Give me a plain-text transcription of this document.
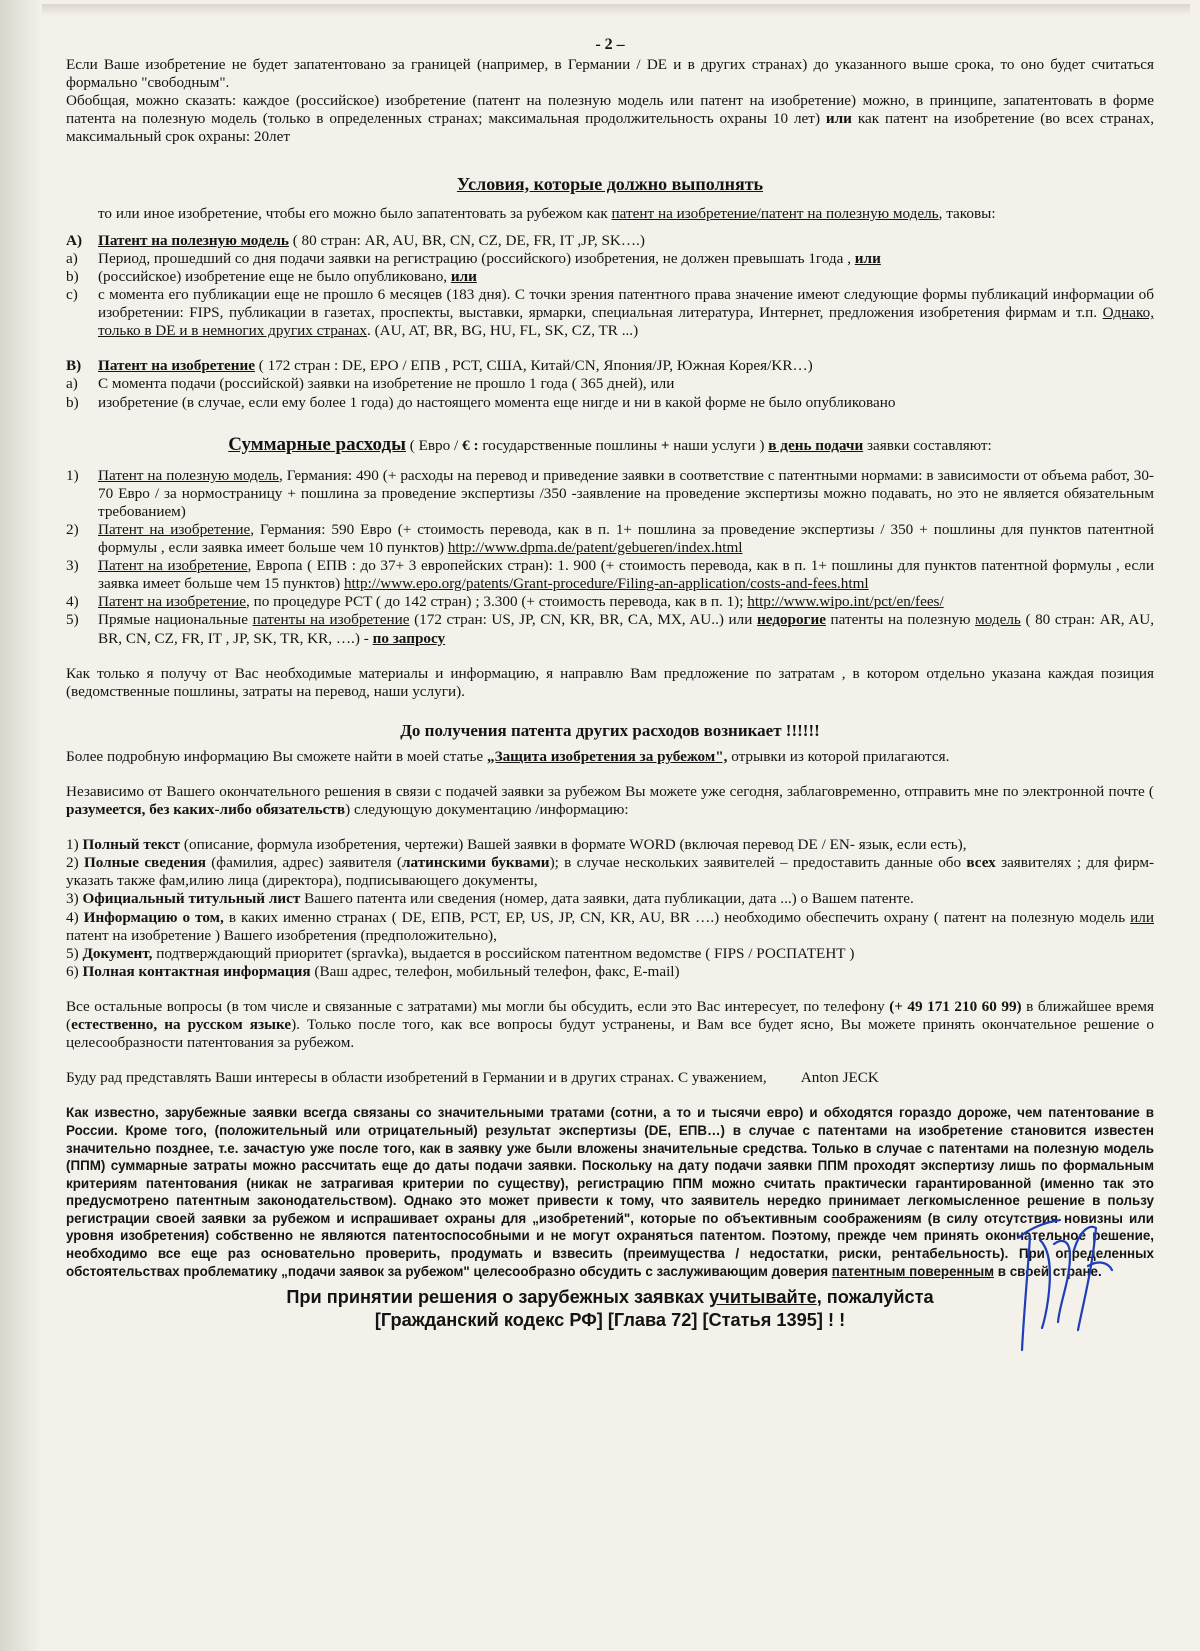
- 2 –

Если Ваше изобретение не будет запатентовано за границей (например, в Германии / DE и в других странах) до указанного выше срока, то оно будет считаться формально "свободным".

Обобщая, можно сказать: каждое (российское) изобретение (патент на полезную модель или патент на изобретение) можно, в принципе, запатентовать в форме патента на полезную модель (только в определенных странах; максимальная продолжительность охраны 10 лет) или как патент на изобретение (во всех странах, максимальный срок охраны: 20лет

Условия, которые должно выполнять

то или иное изобретение, чтобы его можно было запатентовать за рубежом как патент на изобретение/патент на полезную модель, таковы:

А)	Патент на полезную модель ( 80 стран: AR, AU, BR, CN, CZ, DE, FR, IT ,JP, SK….)
a)	Период, прошедший со дня подачи заявки на регистрацию (российского) изобретения, не должен превышать 1года , или
b)	(российское) изобретение еще не было опубликовано, или
c)	с момента его публикации еще не прошло 6 месяцев (183 дня). С точки зрения патентного права значение имеют следующие формы публикаций информации об изобретении: FIPS, публикации в газетах, проспекты, выставки, ярмарки, специальная литература, Интернет, предложения изобретения фирмам и т.п. Однако, только в DE и в немногих других странах. (AU, AT, BR, BG, HU, FL, SK, CZ, TR ...)
B)	Патент на изобретение ( 172 стран : DE, EPO / ЕПВ , PCT, США, Китай/CN, Япония/JP, Южная Корея/KR…)
a)	С момента подачи (российской) заявки на изобретение не прошло 1 года ( 365 дней), или
b)	изобретение (в случае, если ему более 1 года) до настоящего момента еще нигде и ни в какой форме не было опубликовано

Суммарные расходы ( Евро / € : государственные пошлины + наши услуги ) в день подачи заявки составляют:

1)	Патент на полезную модель, Германия: 490 (+ расходы на перевод и приведение заявки в соответствие с патентными нормами: в зависимости от объема работ, 30-70 Евро / за нормостраницу + пошлина за проведение экспертизы /350 -заявление на проведение экспертизы можно подавать, но это не является обязательным требованием)
2)	Патент на изобретение, Германия: 590 Евро (+ стоимость перевода, как в п. 1+ пошлина за проведение экспертизы / 350 + пошлины для пунктов патентной формулы , если заявка имеет больше чем 10 пунктов) http://www.dpma.de/patent/gebueren/index.html
3)	Патент на изобретение, Европа ( ЕПВ : до 37+ 3 европейских стран): 1. 900 (+ стоимость перевода, как в п. 1+ пошлины для пунктов патентной формулы , если заявка имеет больше чем 15 пунктов) http://www.epo.org/patents/Grant-procedure/Filing-an-application/costs-and-fees.html
4)	Патент на изобретение, по процедуре PCT ( до 142 стран) ; 3.300 (+ стоимость перевода, как в п. 1); http://www.wipo.int/pct/en/fees/
5)	Прямые национальные патенты на изобретение (172 стран: US, JP, CN, KR, BR, CA, MX, AU..) или недорогие патенты на полезную модель ( 80 стран: AR, AU, BR, CN, CZ, FR, IT , JP, SK, TR, KR, ….) - по запросу

Как только я получу от Вас необходимые материалы и информацию, я направлю Вам предложение по затратам , в котором отдельно указана каждая позиция (ведомственные пошлины, затраты на перевод, наши услуги).

До получения патента других расходов возникает !!!!!!

Более подробную информацию Вы сможете найти в моей статье „Защита изобретения за рубежом", отрывки из которой прилагаются.

Независимо от Вашего окончательного решения в связи с подачей заявки за рубежом Вы можете уже сегодня, заблаговременно, отправить мне по электронной почте ( разумеется, без каких-либо обязательств) следующую документацию /информацию:

1) Полный текст (описание, формула изобретения, чертежи) Вашей заявки в формате WORD (включая перевод DE / EN- язык, если есть),

2) Полные сведения (фамилия, адрес) заявителя (латинскими буквами); в случае нескольких заявителей – предоставить данные обо всех заявителях ; для фирм- указать также фам,илию лица (директора), подписывающего документы,

3) Официальный титульный лист Вашего патента или сведения (номер, дата заявки, дата публикации, дата ...) о Вашем патенте.

4) Информацию о том, в каких именно странах ( DE, ЕПВ, PCT, EP, US, JP, CN, KR, AU, BR ….) необходимо обеспечить охрану ( патент на полезную модель или патент на изобретение ) Вашего изобретения (предположительно),

5) Документ, подтверждающий приоритет (spravka), выдается в российском патентном ведомстве ( FIPS / РОСПАТЕНТ )

6) Полная контактная информация (Ваш адрес, телефон, мобильный телефон, факс, E-mail)

Все остальные вопросы (в том числе и связанные с затратами) мы могли бы обсудить, если это Вас интересует, по телефону (+ 49 171 210 60 99) в ближайшее время (естественно, на русском языке). Только после того, как все вопросы будут устранены, и Вам все будет ясно, Вы можете принять окончательное решение о целесообразности патентования за рубежом.

Буду рад представлять Ваши интересы в области изобретений в Германии и в других странах. С уважением, Anton JECK

Как известно, зарубежные заявки всегда связаны со значительными тратами (сотни, а то и тысячи евро) и обходятся гораздо дороже, чем патентование в России. Кроме того, (положительный или отрицательный) результат экспертизы (DE, ЕПВ…) в случае с патентами на изобретение становится известен значительно позднее, т.е. зачастую уже после того, как в заявку уже были вложены значительные средства. Только в случае с патентами на полезную модель (ППМ) суммарные затраты можно рассчитать еще до даты подачи заявки. Поскольку на дату подачи заявки ППМ проходят экспертизу лишь по формальным критериям патентования (никак не затрагивая критерии по существу), регистрацию ППМ можно считать практически гарантированной (именно так это предусмотрено патентным законодательством). Однако это может привести к тому, что заявитель нередко принимает легкомысленное решение в пользу регистрации своей заявки за рубежом и испрашивает охраны для „изобретений", которые по объективным соображениям (в силу отсутствия новизны или уровня изобретения) собственно не являются патентоспособными и не могут охраняться патентом. Поэтому, прежде чем принять окончательное решение, необходимо все еще раз основательно проверить, продумать и взвесить (преимущества / недостатки, риски, рентабельность). При определенных обстоятельствах проблематику „подачи заявок за рубежом" целесообразно обсудить с заслуживающим доверия патентным поверенным в своей стране.

При принятии решения о зарубежных заявках учитывайте, пожалуйста
[Гражданский кодекс РФ] [Глава 72] [Статья 1395] ! !
